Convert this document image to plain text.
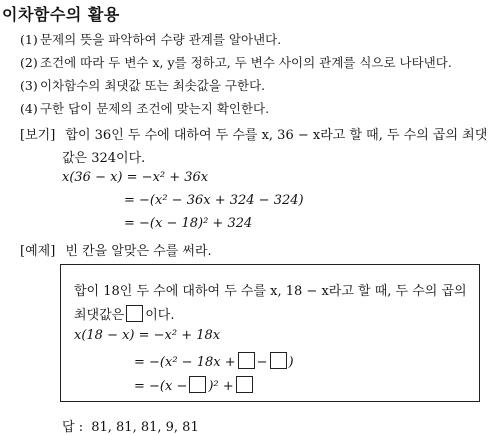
이차함수의 활용
(1) 문제의 뜻을 파악하여 수량 관계를 알아낸다.
(2) 조건에 따라 두 변수 x, y를 정하고, 두 변수 사이의 관계를 식으로 나타낸다.
(3) 이차함수의 최댓값 또는 최솟값을 구한다.
(4) 구한 답이 문제의 조건에 맞는지 확인한다.
[보기] 합이 36인 두 수에 대하여 두 수를 x, 36 − x라고 할 때, 두 수의 곱의 최댓
값은 324이다.
x(36 − x) = −x² + 36x
= −(x² − 36x + 324 − 324)
= −(x − 18)² + 324
[예제] 빈 칸을 알맞은 수를 써라.
합이 18인 두 수에 대하여 두 수를 x, 18 − x라고 할 때, 두 수의 곱의
최댓값은 이다.
x(18 − x) = −x² + 18x
= −(x² − 18x + − )
= −(x − )² +
답 : 81, 81, 81, 9, 81
